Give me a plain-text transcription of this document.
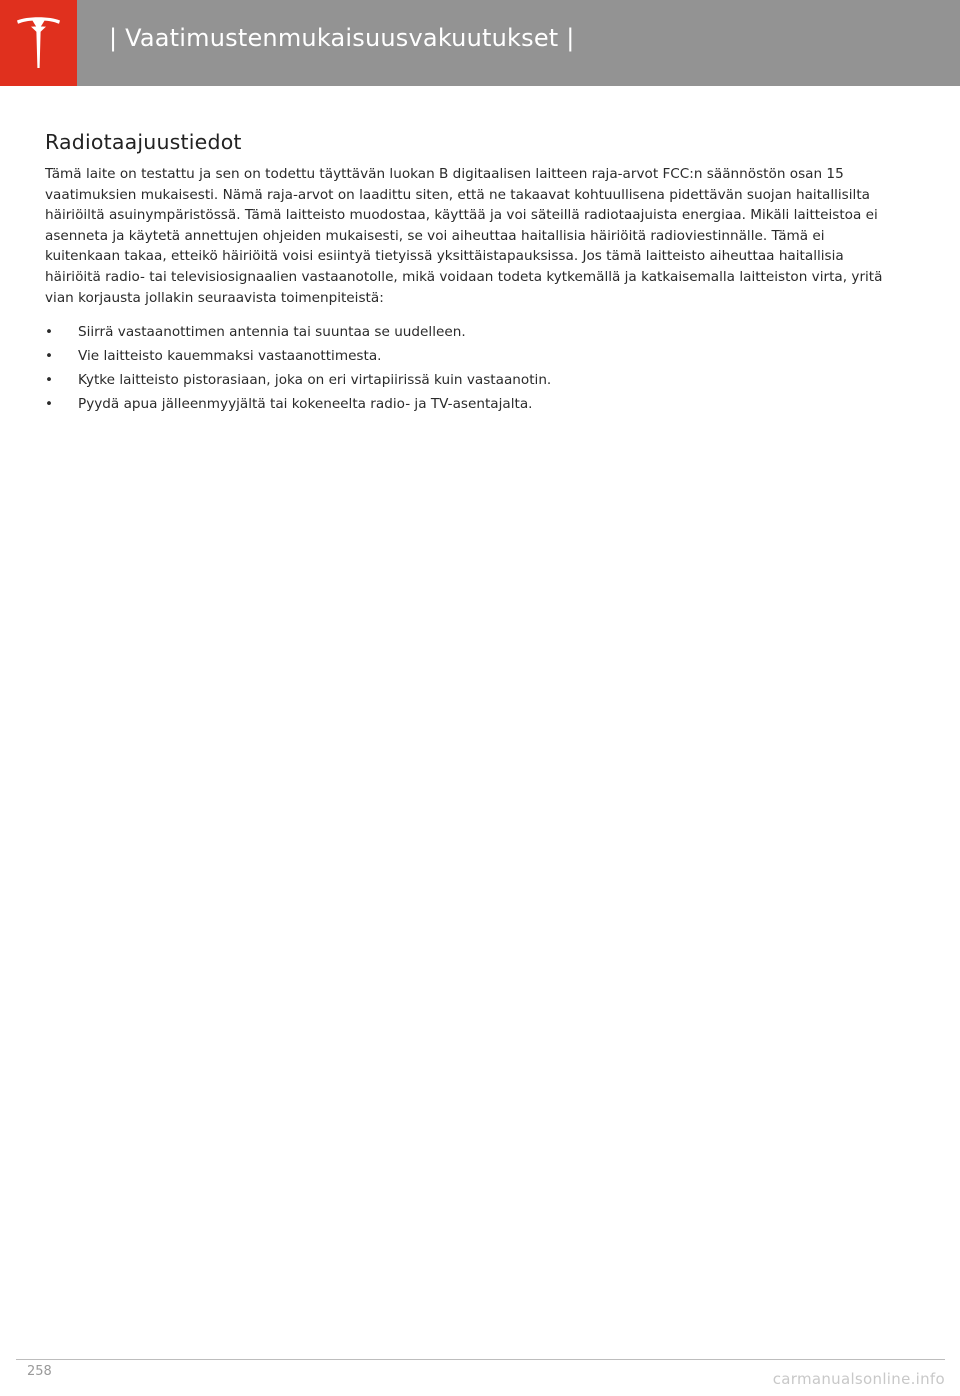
| Vaatimustenmukaisuusvakuutukset |
Radiotaajuustiedot

Tämä laite on testattu ja sen on todettu täyttävän luokan B digitaalisen laitteen raja-arvot FCC:n säännöstön osan 15 vaatimuksien mukaisesti. Nämä raja-arvot on laadittu siten, että ne takaavat kohtuullisena pidettävän suojan haitallisilta häiriöiltä asuinympäristössä. Tämä laitteisto muodostaa, käyttää ja voi säteillä radiotaajuista energiaa. Mikäli laitteistoa ei asenneta ja käytetä annettujen ohjeiden mukaisesti, se voi aiheuttaa haitallisia häiriöitä radioviestinnälle. Tämä ei kuitenkaan takaa, etteikö häiriöitä voisi esiintyä tietyissä yksittäistapauksissa. Jos tämä laitteisto aiheuttaa haitallisia häiriöitä radio- tai televisiosignaalien vastaanotolle, mikä voidaan todeta kytkemällä ja katkaisemalla laitteiston virta, yritä vian korjausta jollakin seuraavista toimenpiteistä:

• Siirrä vastaanottimen antennia tai suuntaa se uudelleen.
• Vie laitteisto kauemmaksi vastaanottimesta.
• Kytke laitteisto pistorasiaan, joka on eri virtapiirissä kuin vastaanotin.
• Pyydä apua jälleenmyyjältä tai kokeneelta radio- ja TV-asentajalta.
258	carmanualsonline.info
